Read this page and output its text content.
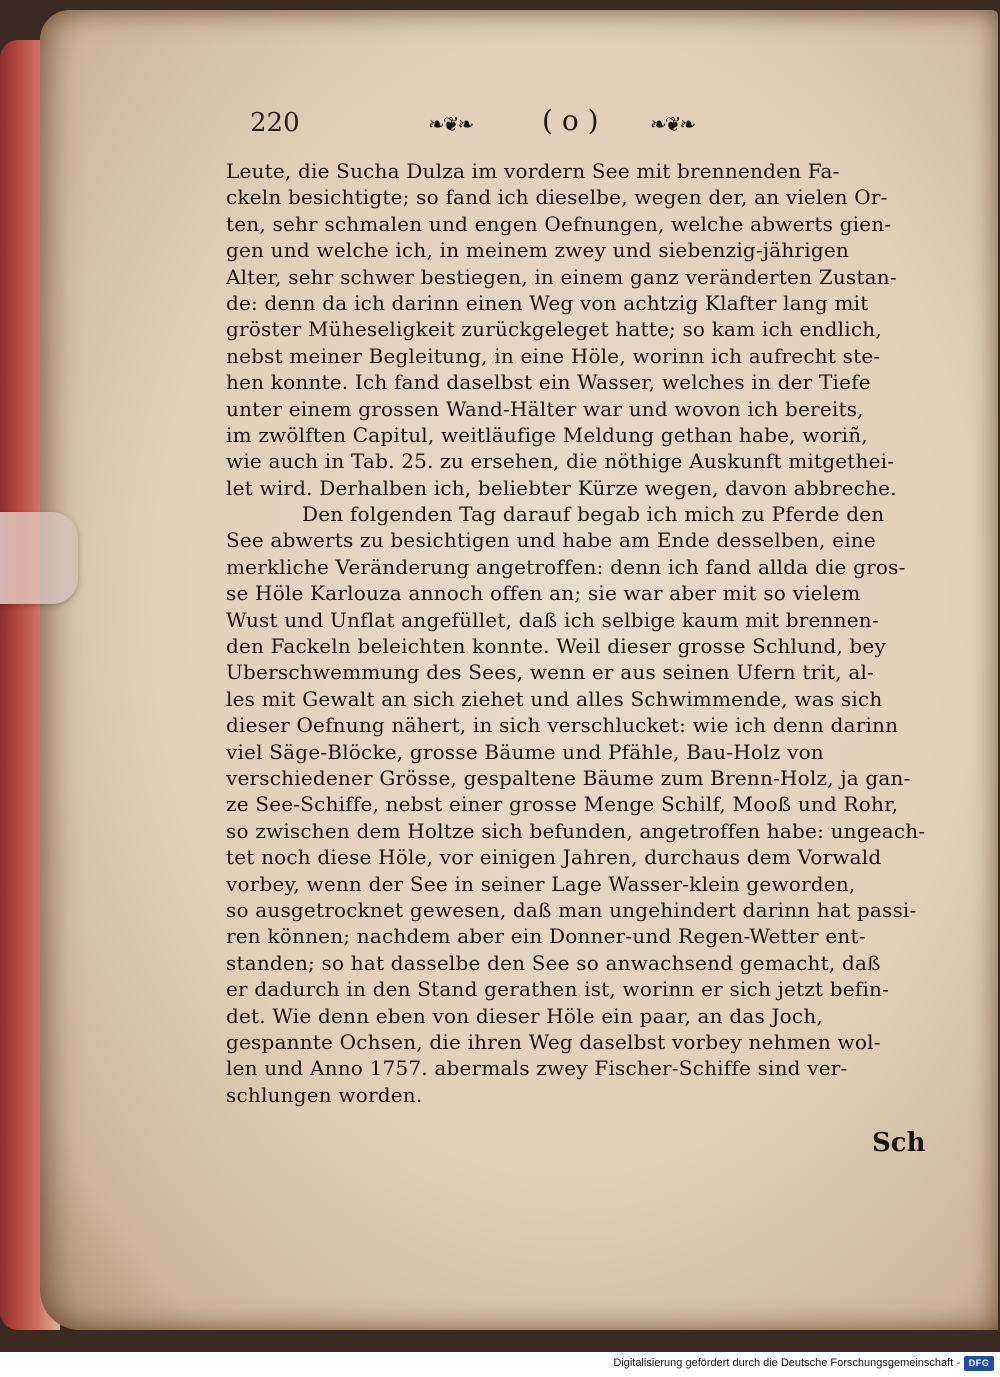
220	❧❦❧	( o )	❧❦❧
Leute, die Sucha Dulza im vordern See mit brennenden Fa-
ckeln besichtigte; so fand ich dieselbe, wegen der, an vielen Or-
ten, sehr schmalen und engen Oefnungen, welche abwerts gien-
gen und welche ich, in meinem zwey und siebenzig-jährigen
Alter, sehr schwer bestiegen, in einem ganz veränderten Zustan-
de: denn da ich darinn einen Weg von achtzig Klafter lang mit
gröster Müheseligkeit zurückgeleget hatte; so kam ich endlich,
nebst meiner Begleitung, in eine Höle, worinn ich aufrecht ste-
hen konnte. Ich fand daselbst ein Wasser, welches in der Tiefe
unter einem grossen Wand-Hälter war und wovon ich bereits,
im zwölften Capitul, weitläufige Meldung gethan habe, woriñ,
wie auch in Tab. 25. zu ersehen, die nöthige Auskunft mitgethei-
let wird. Derhalben ich, beliebter Kürze wegen, davon abbreche.
Den folgenden Tag darauf begab ich mich zu Pferde den
See abwerts zu besichtigen und habe am Ende desselben, eine
merkliche Veränderung angetroffen: denn ich fand allda die gros-
se Höle Karlouza annoch offen an; sie war aber mit so vielem
Wust und Unflat angefüllet, daß ich selbige kaum mit brennen-
den Fackeln beleichten konnte. Weil dieser grosse Schlund, bey
Uberschwemmung des Sees, wenn er aus seinen Ufern trit, al-
les mit Gewalt an sich ziehet und alles Schwimmende, was sich
dieser Oefnung nähert, in sich verschlucket: wie ich denn darinn
viel Säge-Blöcke, grosse Bäume und Pfähle, Bau-Holz von
verschiedener Grösse, gespaltene Bäume zum Brenn-Holz, ja gan-
ze See-Schiffe, nebst einer grosse Menge Schilf, Mooß und Rohr,
so zwischen dem Holtze sich befunden, angetroffen habe: ungeach-
tet noch diese Höle, vor einigen Jahren, durchaus dem Vorwald
vorbey, wenn der See in seiner Lage Wasser-klein geworden,
so ausgetrocknet gewesen, daß man ungehindert darinn hat passi-
ren können; nachdem aber ein Donner-und Regen-Wetter ent-
standen; so hat dasselbe den See so anwachsend gemacht, daß
er dadurch in den Stand gerathen ist, worinn er sich jetzt befin-
det. Wie denn eben von dieser Höle ein paar, an das Joch,
gespannte Ochsen, die ihren Weg daselbst vorbey nehmen wol-
len und Anno 1757. abermals zwey Fischer-Schiffe sind ver-
schlungen worden.
Sch
Digitalisierung gefördert durch die Deutsche Forschungsgemeinschaft - DFG
